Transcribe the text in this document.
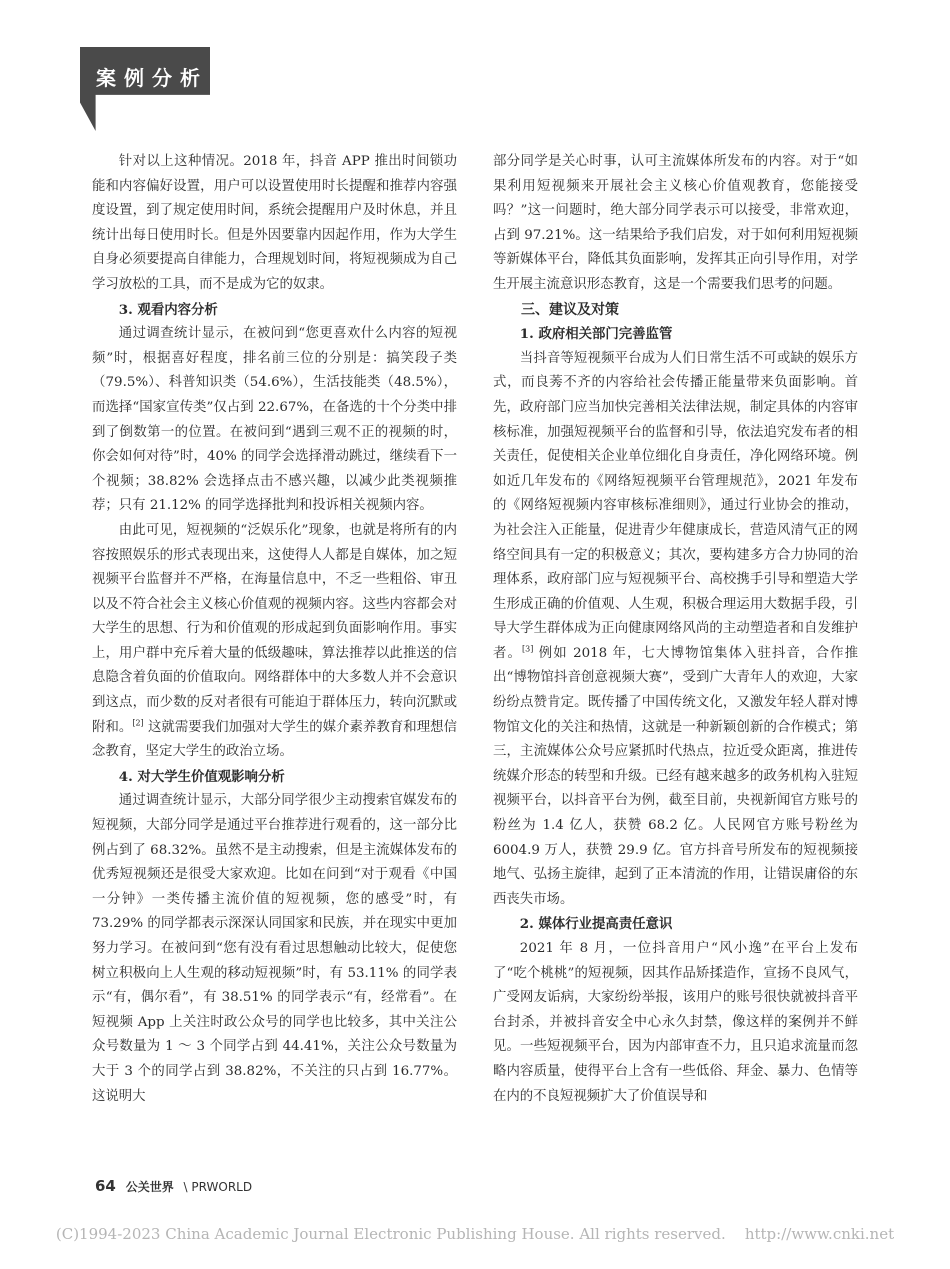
案例分析

针对以上这种情况。2018 年，抖音 APP 推出时间锁功能和内容偏好设置，用户可以设置使用时长提醒和推荐内容强度设置，到了规定使用时间，系统会提醒用户及时休息，并且统计出每日使用时长。但是外因要靠内因起作用，作为大学生自身必须要提高自律能力，合理规划时间，将短视频成为自己学习放松的工具，而不是成为它的奴隶。

3. 观看内容分析

通过调查统计显示，在被问到“您更喜欢什么内容的短视频”时，根据喜好程度，排名前三位的分别是：搞笑段子类（79.5%）、科普知识类（54.6%），生活技能类（48.5%），而选择“国家宣传类”仅占到 22.67%，在备选的十个分类中排到了倒数第一的位置。在被问到“遇到三观不正的视频的时，你会如何对待”时，40% 的同学会选择滑动跳过，继续看下一个视频；38.82% 会选择点击不感兴趣，以减少此类视频推荐；只有 21.12% 的同学选择批判和投诉相关视频内容。

由此可见，短视频的“泛娱乐化”现象，也就是将所有的内容按照娱乐的形式表现出来，这使得人人都是自媒体，加之短视频平台监督并不严格，在海量信息中，不乏一些粗俗、审丑以及不符合社会主义核心价值观的视频内容。这些内容都会对大学生的思想、行为和价值观的形成起到负面影响作用。事实上，用户群中充斥着大量的低级趣味，算法推荐以此推送的信息隐含着负面的价值取向。网络群体中的大多数人并不会意识到这点，而少数的反对者很有可能迫于群体压力，转向沉默或附和。[2] 这就需要我们加强对大学生的媒介素养教育和理想信念教育，坚定大学生的政治立场。

4. 对大学生价值观影响分析

通过调查统计显示，大部分同学很少主动搜索官媒发布的短视频，大部分同学是通过平台推荐进行观看的，这一部分比例占到了 68.32%。虽然不是主动搜索，但是主流媒体发布的优秀短视频还是很受大家欢迎。比如在问到“对于观看《中国一分钟》一类传播主流价值的短视频，您的感受”时，有 73.29% 的同学都表示深深认同国家和民族，并在现实中更加努力学习。在被问到“您有没有看过思想触动比较大，促使您树立积极向上人生观的移动短视频”时，有 53.11% 的同学表示“有，偶尔看”，有 38.51% 的同学表示“有，经常看”。在短视频 App 上关注时政公众号的同学也比较多，其中关注公众号数量为 1 ～ 3 个同学占到 44.41%，关注公众号数量为大于 3 个的同学占到 38.82%，不关注的只占到 16.77%。这说明大

部分同学是关心时事，认可主流媒体所发布的内容。对于“如果利用短视频来开展社会主义核心价值观教育，您能接受吗？”这一问题时，绝大部分同学表示可以接受，非常欢迎，占到 97.21%。这一结果给予我们启发，对于如何利用短视频等新媒体平台，降低其负面影响，发挥其正向引导作用，对学生开展主流意识形态教育，这是一个需要我们思考的问题。

三、建议及对策
1. 政府相关部门完善监管

当抖音等短视频平台成为人们日常生活不可或缺的娱乐方式，而良莠不齐的内容给社会传播正能量带来负面影响。首先，政府部门应当加快完善相关法律法规，制定具体的内容审核标准，加强短视频平台的监督和引导，依法追究发布者的相关责任，促使相关企业单位细化自身责任，净化网络环境。例如近几年发布的《网络短视频平台管理规范》，2021 年发布的《网络短视频内容审核标准细则》，通过行业协会的推动，为社会注入正能量，促进青少年健康成长，营造风清气正的网络空间具有一定的积极意义；其次，要构建多方合力协同的治理体系，政府部门应与短视频平台、高校携手引导和塑造大学生形成正确的价值观、人生观，积极合理运用大数据手段，引导大学生群体成为正向健康网络风尚的主动塑造者和自发维护者。[3] 例如 2018 年，七大博物馆集体入驻抖音，合作推出“博物馆抖音创意视频大赛”，受到广大青年人的欢迎，大家纷纷点赞肯定。既传播了中国传统文化，又激发年轻人群对博物馆文化的关注和热情，这就是一种新颖创新的合作模式；第三，主流媒体公众号应紧抓时代热点，拉近受众距离，推进传统媒介形态的转型和升级。已经有越来越多的政务机构入驻短视频平台，以抖音平台为例，截至目前，央视新闻官方账号的粉丝为 1.4 亿人，获赞 68.2 亿。人民网官方账号粉丝为 6004.9 万人，获赞 29.9 亿。官方抖音号所发布的短视频接地气、弘扬主旋律，起到了正本清流的作用，让错误庸俗的东西丧失市场。

2. 媒体行业提高责任意识

2021 年 8 月，一位抖音用户“风小逸”在平台上发布了“吃个桃桃”的短视频，因其作品矫揉造作，宣扬不良风气，广受网友诟病，大家纷纷举报，该用户的账号很快就被抖音平台封杀，并被抖音安全中心永久封禁，像这样的案例并不鲜见。一些短视频平台，因为内部审查不力，且只追求流量而忽略内容质量，使得平台上含有一些低俗、拜金、暴力、色情等在内的不良短视频扩大了价值误导和

64 公关世界 \ PRWORLD
(C)1994-2023 China Academic Journal Electronic Publishing House. All rights reserved.    http://www.cnki.net
